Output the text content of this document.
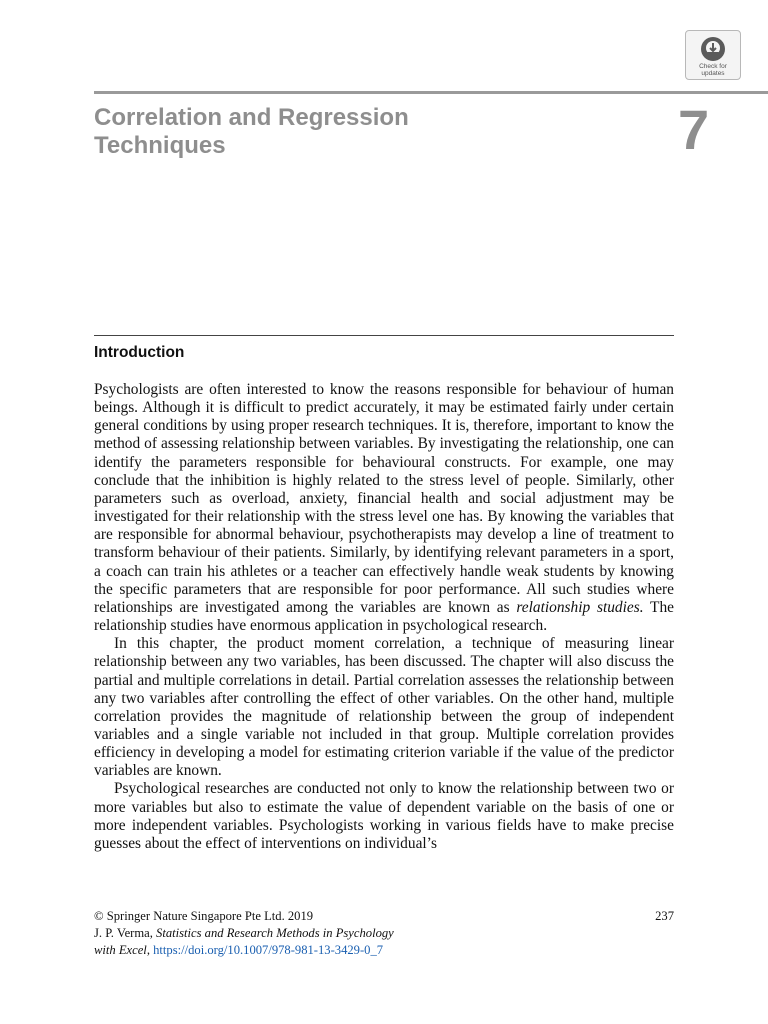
Check for
updates
Correlation and Regression
Techniques	7
Introduction

Psychologists are often interested to know the reasons responsible for behaviour of human beings. Although it is difficult to predict accurately, it may be estimated fairly under certain general conditions by using proper research techniques. It is, therefore, important to know the method of assessing relationship between variables. By investigating the relationship, one can identify the parameters responsible for behavioural constructs. For example, one may conclude that the inhibition is highly related to the stress level of people. Similarly, other parameters such as overload, anxiety, financial health and social adjustment may be investigated for their relationship with the stress level one has. By knowing the variables that are responsible for abnormal behaviour, psychotherapists may develop a line of treatment to transform behaviour of their patients. Similarly, by identifying relevant parameters in a sport, a coach can train his athletes or a teacher can effectively handle weak students by knowing the specific parameters that are responsible for poor performance. All such studies where relationships are investigated among the variables are known as relationship studies. The relationship studies have enormous application in psychological research.

In this chapter, the product moment correlation, a technique of measuring linear relationship between any two variables, has been discussed. The chapter will also discuss the partial and multiple correlations in detail. Partial correlation assesses the relationship between any two variables after controlling the effect of other variables. On the other hand, multiple correlation provides the magnitude of relationship between the group of independent variables and a single variable not included in that group. Multiple correlation provides efficiency in developing a model for estimating criterion variable if the value of the predictor variables are known.

Psychological researches are conducted not only to know the relationship between two or more variables but also to estimate the value of dependent variable on the basis of one or more independent variables. Psychologists working in various fields have to make precise guesses about the effect of interventions on individual’s

© Springer Nature Singapore Pte Ltd. 2019
J. P. Verma, Statistics and Research Methods in Psychology
with Excel, https://doi.org/10.1007/978-981-13-3429-0_7
237
